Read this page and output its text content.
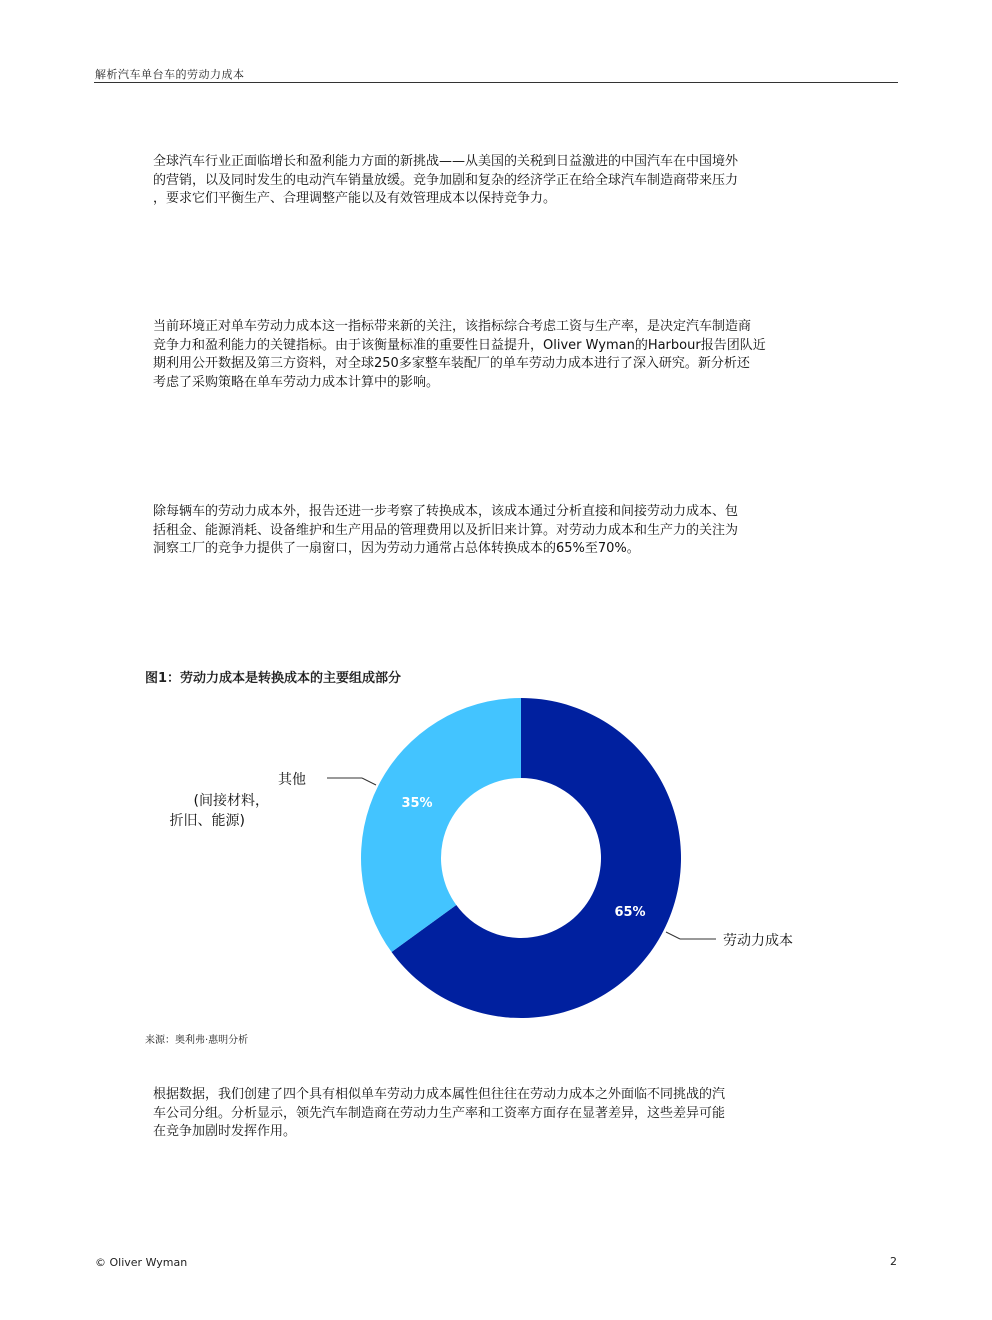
解析汽车单台车的劳动力成本
全球汽车行业正面临增长和盈利能力方面的新挑战——从美国的关税到日益激进的中国汽车在中国境外
的营销，以及同时发生的电动汽车销量放缓。竞争加剧和复杂的经济学正在给全球汽车制造商带来压力
，要求它们平衡生产、合理调整产能以及有效管理成本以保持竞争力。
当前环境正对单车劳动力成本这一指标带来新的关注，该指标综合考虑工资与生产率，是决定汽车制造商
竞争力和盈利能力的关键指标。由于该衡量标准的重要性日益提升，Oliver Wyman的Harbour报告团队近
期利用公开数据及第三方资料，对全球250多家整车装配厂的单车劳动力成本进行了深入研究。新分析还
考虑了采购策略在单车劳动力成本计算中的影响。
除每辆车的劳动力成本外，报告还进一步考察了转换成本，该成本通过分析直接和间接劳动力成本、包
括租金、能源消耗、设备维护和生产用品的管理费用以及折旧来计算。对劳动力成本和生产力的关注为
洞察工厂的竞争力提供了一扇窗口，因为劳动力通常占总体转换成本的65%至70%。
图1：劳动力成本是转换成本的主要组成部分
65%
35%
劳动力成本
其他
(间接材料，
折旧、能源)
来源：奥利弗·惠明分析
根据数据，我们创建了四个具有相似单车劳动力成本属性但往往在劳动力成本之外面临不同挑战的汽
车公司分组。分析显示，领先汽车制造商在劳动力生产率和工资率方面存在显著差异，这些差异可能
在竞争加剧时发挥作用。
© Oliver Wyman	2
